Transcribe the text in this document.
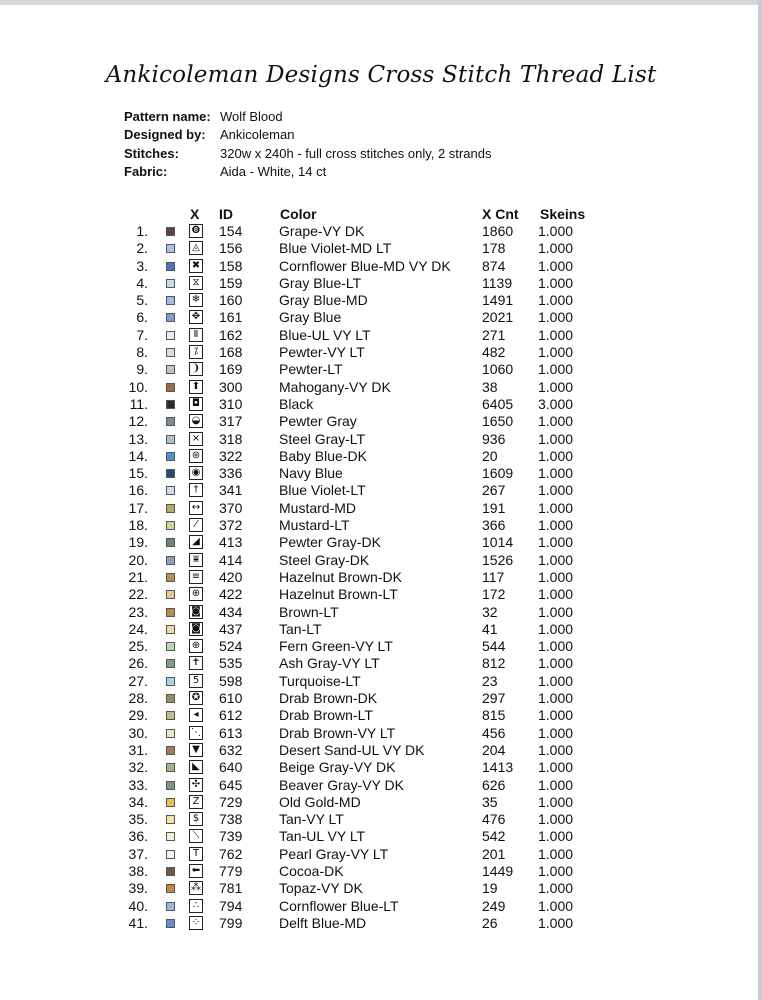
Ankicoleman Designs Cross Stitch Thread List
Pattern name: Wolf Blood
Designed by:	Ankicoleman
Stitches:	320w x 240h - full cross stitches only, 2 strands
Fabric:	Aida - White, 14 ct
X ID	Color	X Cnt Skeins
1.	❽ 154	Grape-VY DK	1860 1.000
2.	◬ 156	Blue Violet-MD LT	178 1.000
3.	✖ 158	Cornflower Blue-MD VY DK 874 1.000
4.	⧖ 159	Gray Blue-LT	1139 1.000
5.	❄ 160	Gray Blue-MD	1491 1.000
6.	✥ 161	Gray Blue	2021 1.000
7.	Ⅱ	162	Blue-UL VY LT	271 1.000
8.	⁒	168	Pewter-VY LT	482 1.000
9.	❩ 169	Pewter-LT	1060 1.000
10.	⬆ 300	Mahogany-VY DK	38	1.000
11.	◘ 310	Black	6405 3.000
12.	◒ 317	Pewter Gray	1650 1.000
13.	⨯ 318	Steel Gray-LT	936 1.000
14.	⊛ 322	Baby Blue-DK	20	1.000
15.	◉ 336	Navy Blue	1609 1.000
16.	†	341	Blue Violet-LT	267 1.000
17.	↔ 370	Mustard-MD	191 1.000
18.	⁄	372	Mustard-LT	366 1.000
19.	◢ 413	Pewter Gray-DK	1014 1.000
20.	⩸ 414	Steel Gray-DK	1526 1.000
21.	≡ 420	Hazelnut Brown-DK	117 1.000
22.	⊕ 422	Hazelnut Brown-LT	172 1.000
23.	◙ 434	Brown-LT	32	1.000
24.	◙ 437	Tan-LT	41	1.000
25.	⊕ 524	Fern Green-VY LT	544 1.000
26.	✝ 535	Ash Gray-VY LT	812 1.000
27.	5 598	Turquoise-LT	23	1.000
28.	✪ 610	Drab Brown-DK	297 1.000
29.	◂	612	Drab Brown-LT	815 1.000
30.	⋱ 613	Drab Brown-VY LT	456 1.000
31.	▼ 632	Desert Sand-UL VY DK	204 1.000
32.	◣ 640	Beige Gray-VY DK	1413 1.000
33.	✣ 645	Beaver Gray-VY DK	626 1.000
34.	Z 729	Old Gold-MD	35	1.000
35.	$ 738	Tan-VY LT	476 1.000
36.	⟍ 739	Tan-UL VY LT	542 1.000
37.	T 762	Pearl Gray-VY LT	201 1.000
38.	⬅ 779	Cocoa-DK	1449 1.000
39.	⁂ 781	Topaz-VY DK	19	1.000
40.	∴ 794	Cornflower Blue-LT	249 1.000
41.	⁘ 799	Delft Blue-MD	26	1.000
